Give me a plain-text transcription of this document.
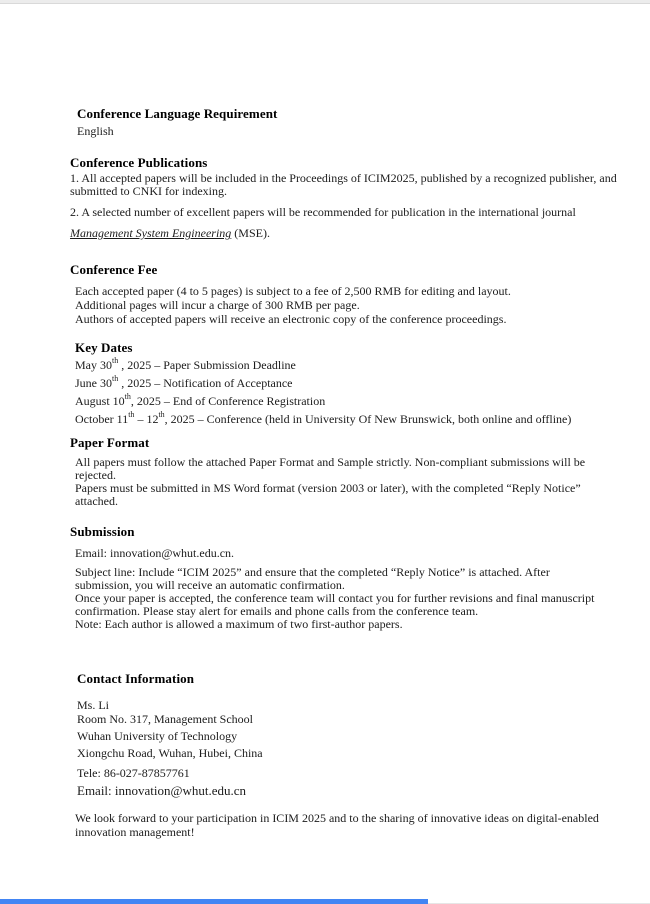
Conference Language Requirement
English
Conference Publications
1. All accepted papers will be included in the Proceedings of ICIM2025, published by a recognized publisher, and
submitted to CNKI for indexing.
2. A selected number of excellent papers will be recommended for publication in the international journal
Management System Engineering (MSE).
Conference Fee
Each accepted paper (4 to 5 pages) is subject to a fee of 2,500 RMB for editing and layout.
Additional pages will incur a charge of 300 RMB per page.
Authors of accepted papers will receive an electronic copy of the conference proceedings.
Key Dates
May 30th , 2025 – Paper Submission Deadline
June 30th , 2025 – Notification of Acceptance
August 10th, 2025 – End of Conference Registration
October 11th – 12th, 2025 – Conference (held in University Of New Brunswick, both online and offline)
Paper Format
All papers must follow the attached Paper Format and Sample strictly. Non-compliant submissions will be
rejected.
Papers must be submitted in MS Word format (version 2003 or later), with the completed “Reply Notice”
attached.
Submission
Email: innovation@whut.edu.cn.
Subject line: Include “ICIM 2025” and ensure that the completed “Reply Notice” is attached. After
submission, you will receive an automatic confirmation.
Once your paper is accepted, the conference team will contact you for further revisions and final manuscript
confirmation. Please stay alert for emails and phone calls from the conference team.
Note: Each author is allowed a maximum of two first-author papers.
Contact Information
Ms. Li
Room No. 317, Management School
Wuhan University of Technology
Xiongchu Road, Wuhan, Hubei, China
Tele: 86-027-87857761
Email: innovation@whut.edu.cn
We look forward to your participation in ICIM 2025 and to the sharing of innovative ideas on digital-enabled
innovation management!
